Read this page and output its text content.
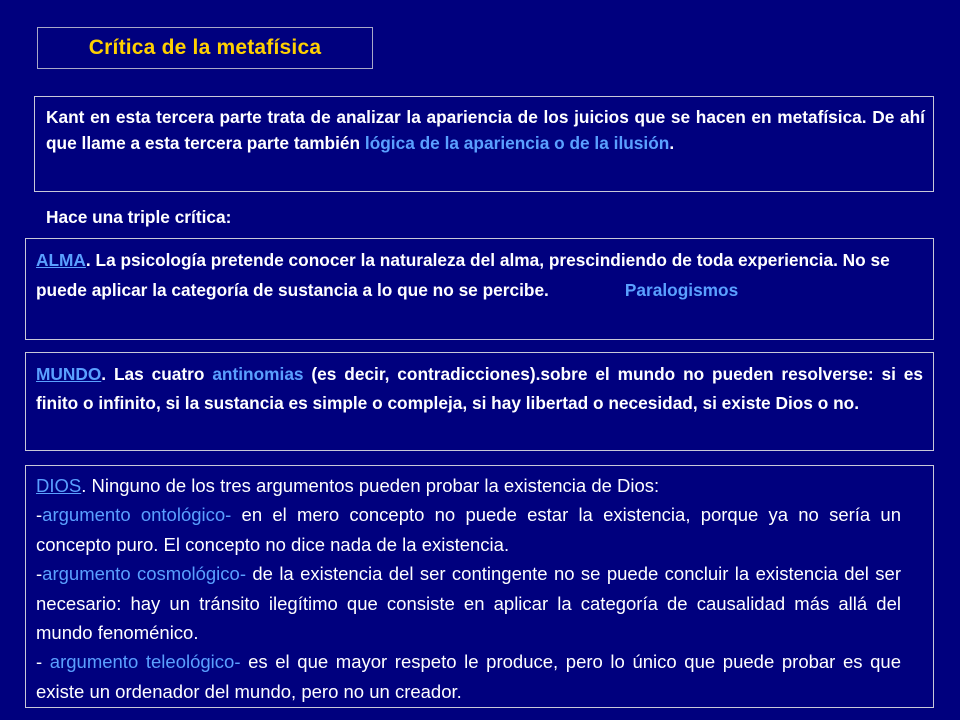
Crítica de la metafísica
Kant en esta tercera parte trata de analizar la apariencia de los juicios que se hacen en metafísica. De ahí que llame a esta tercera parte también lógica de la apariencia o de la ilusión.
Hace una triple crítica:
ALMA. La psicología pretende conocer la naturaleza del alma, prescindiendo de toda experiencia. No se puede aplicar la categoría de sustancia a lo que no se percibe.	Paralogismos
MUNDO. Las cuatro antinomias (es decir, contradicciones).sobre el mundo no pueden resolverse: si es finito o infinito, si la sustancia es simple o compleja, si hay libertad o necesidad, si existe Dios o no.
DIOS. Ninguno de los tres argumentos pueden probar la existencia de Dios:
-argumento ontológico- en el mero concepto no puede estar la existencia, porque ya no sería un concepto puro. El concepto no dice nada de la existencia.
-argumento cosmológico- de la existencia del ser contingente no se puede concluir la existencia del ser necesario: hay un tránsito ilegítimo que consiste en aplicar la categoría de causalidad más allá del mundo fenoménico.
- argumento teleológico- es el que mayor respeto le produce, pero lo único que puede probar es que existe un ordenador del mundo, pero no un creador.
